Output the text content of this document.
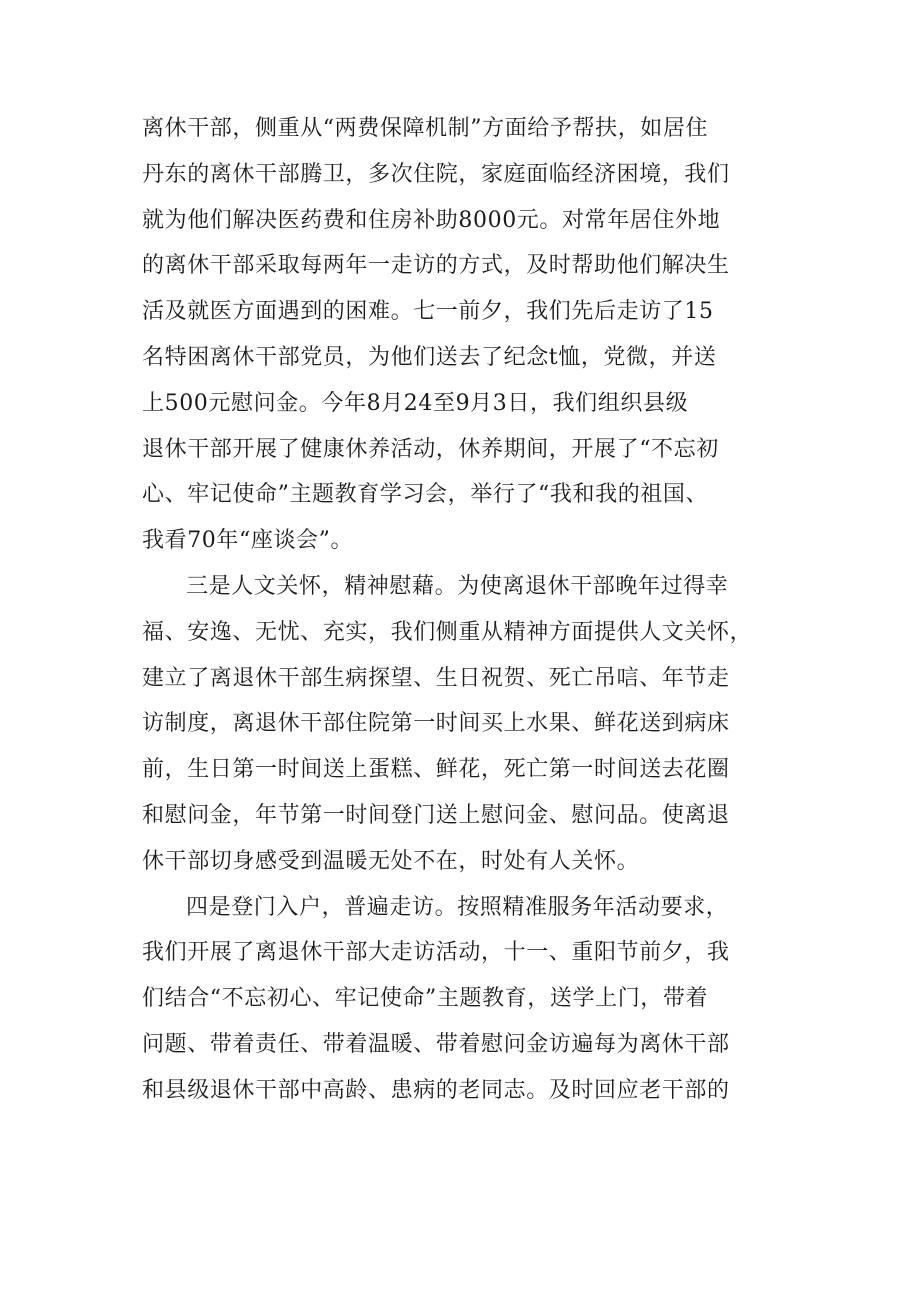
离休干部，侧重从“两费保障机制”方面给予帮扶，如居住
丹东的离休干部腾卫，多次住院，家庭面临经济困境，我们
就为他们解决医药费和住房补助8000元。对常年居住外地
的离休干部采取每两年一走访的方式，及时帮助他们解决生
活及就医方面遇到的困难。七一前夕，我们先后走访了15
名特困离休干部党员，为他们送去了纪念t恤，党微，并送
上500元慰问金。今年8月24至9月3日，我们组织县级
退休干部开展了健康休养活动，休养期间，开展了“不忘初
心、牢记使命”主题教育学习会，举行了“我和我的祖国、
我看70年“座谈会”。
三是人文关怀，精神慰藉。为使离退休干部晚年过得幸
福、安逸、无忧、充实，我们侧重从精神方面提供人文关怀，
建立了离退休干部生病探望、生日祝贺、死亡吊唁、年节走
访制度，离退休干部住院第一时间买上水果、鲜花送到病床
前，生日第一时间送上蛋糕、鲜花，死亡第一时间送去花圈
和慰问金，年节第一时间登门送上慰问金、慰问品。使离退
休干部切身感受到温暖无处不在，时处有人关怀。
四是登门入户，普遍走访。按照精准服务年活动要求，
我们开展了离退休干部大走访活动，十一、重阳节前夕，我
们结合“不忘初心、牢记使命”主题教育，送学上门，带着
问题、带着责任、带着温暖、带着慰问金访遍每为离休干部
和县级退休干部中高龄、患病的老同志。及时回应老干部的
